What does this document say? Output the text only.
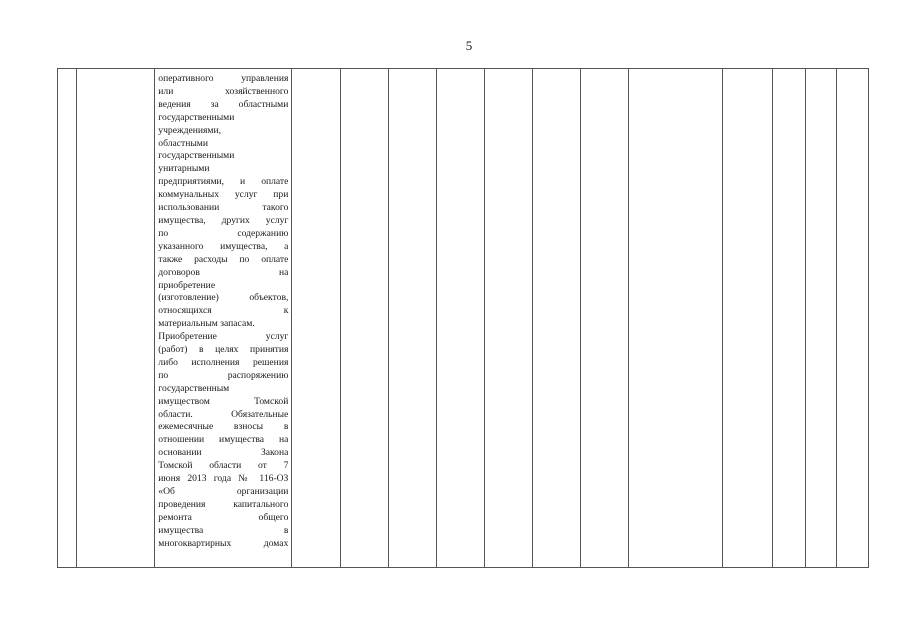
5

оперативного управления
или хозяйственного
ведения за областными
государственными
учреждениями,
областными
государственными
унитарными
предприятиями, и оплате
коммунальных услуг при
использовании такого
имущества, других услуг
по содержанию
указанного имущества, а
также расходы по оплате
договоров на
приобретение
(изготовление) объектов,
относящихся к
материальным запасам.
Приобретение услуг
(работ) в целях принятия
либо исполнения решения
по распоряжению
государственным
имуществом Томской
области. Обязательные
ежемесячные взносы в
отношении имущества на
основании Закона
Томской области от 7
июня 2013 года № 116-ОЗ
«Об организации
проведения капитального
ремонта общего
имущества в
многоквартирных домах
